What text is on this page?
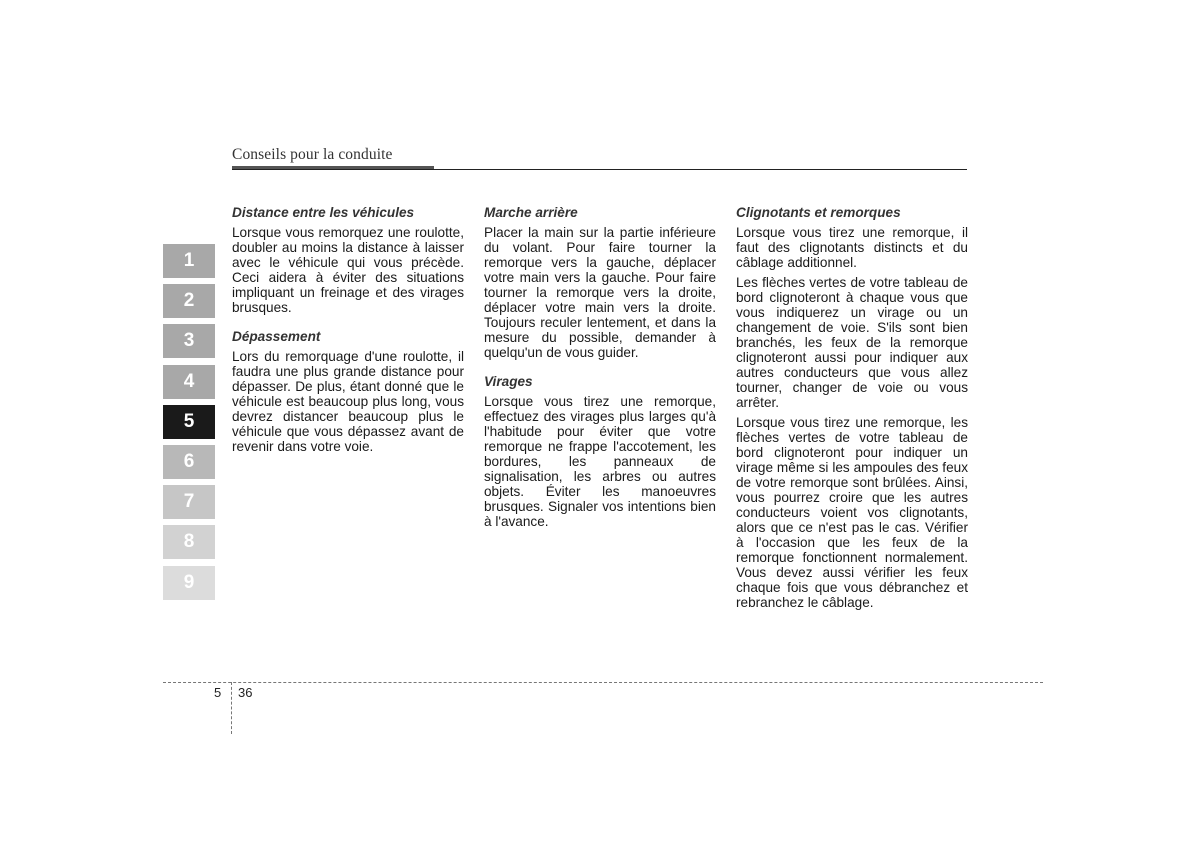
Conseils pour la conduite
1
2
3
4
5
6
7
8
9
Distance entre les véhicules
Lorsque vous remorquez une roulotte, doubler au moins la distance à laisser avec le véhicule qui vous précède. Ceci aidera à éviter des situations impliquant un freinage et des virages brusques.
Dépassement
Lors du remorquage d'une roulotte, il faudra une plus grande distance pour dépasser. De plus, étant donné que le véhicule est beaucoup plus long, vous devrez distancer beaucoup plus le véhicule que vous dépassez avant de revenir dans votre voie.
Marche arrière
Placer la main sur la partie inférieure du volant. Pour faire tourner la remorque vers la gauche, déplacer votre main vers la gauche. Pour faire tourner la remorque vers la droite, déplacer votre main vers la droite. Toujours reculer lentement, et dans la mesure du possible, demander à quelqu'un de vous guider.
Virages
Lorsque vous tirez une remorque, effectuez des virages plus larges qu'à l'habitude pour éviter que votre remorque ne frappe l'accotement, les bordures, les panneaux de signalisation, les arbres ou autres objets. Éviter les manoeuvres brusques. Signaler vos intentions bien à l'avance.
Clignotants et remorques
Lorsque vous tirez une remorque, il faut des clignotants distincts et du câblage additionnel.
Les flèches vertes de votre tableau de bord clignoteront à chaque vous que vous indiquerez un virage ou un changement de voie. S'ils sont bien branchés, les feux de la remorque clignoteront aussi pour indiquer aux autres conducteurs que vous allez tourner, changer de voie ou vous arrêter.
Lorsque vous tirez une remorque, les flèches vertes de votre tableau de bord clignoteront pour indiquer un virage même si les ampoules des feux de votre remorque sont brûlées. Ainsi, vous pourrez croire que les autres conducteurs voient vos clignotants, alors que ce n'est pas le cas. Vérifier à l'occasion que les feux de la remorque fonctionnent normalement. Vous devez aussi vérifier les feux chaque fois que vous débranchez et rebranchez le câblage.
5 36
